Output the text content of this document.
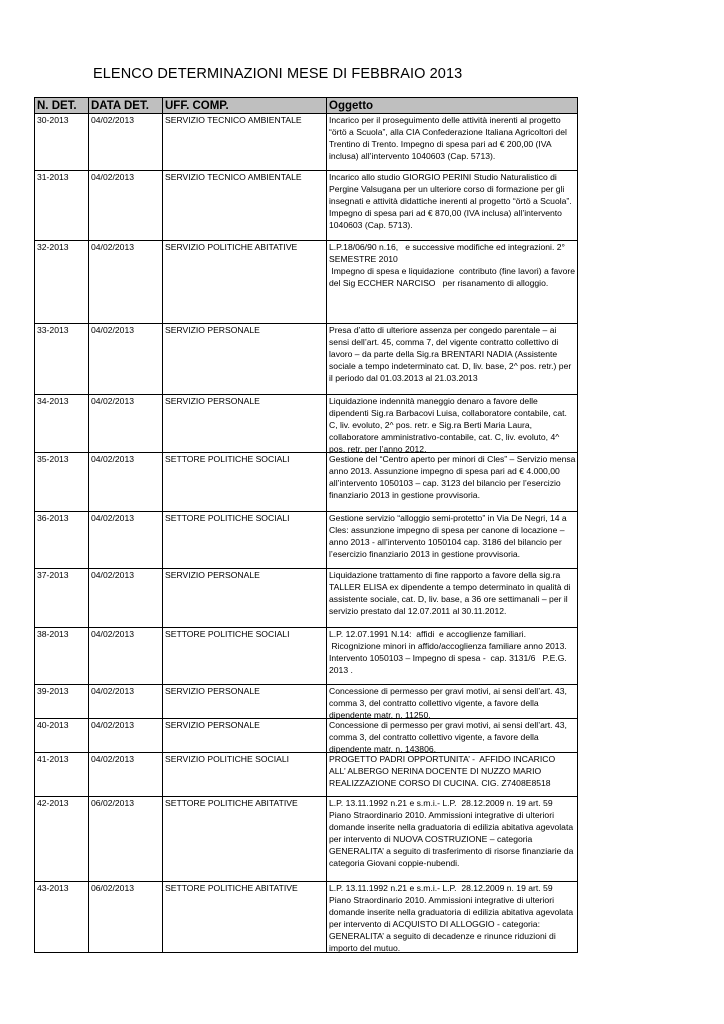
ELENCO DETERMINAZIONI MESE DI FEBBRAIO 2013
N. DET.	DATA DET.	UFF. COMP.	Oggetto

30-2013	04/02/2013	SERVIZIO TECNICO AMBIENTALE	Incarico per il proseguimento delle attività inerenti al progetto “örtö a Scuola”, alla CIA Confederazione Italiana Agricoltori del Trentino di Trento. Impegno di spesa pari ad € 200,00 (IVA inclusa) all’intervento 1040603 (Cap. 5713).

31-2013	04/02/2013	SERVIZIO TECNICO AMBIENTALE	Incarico allo studio GIORGIO PERINI Studio Naturalistico di Pergine Valsugana per un ulteriore corso di formazione per gli insegnati e attività didattiche inerenti al progetto “örtö a Scuola”. Impegno di spesa pari ad € 870,00 (IVA inclusa) all’intervento 1040603 (Cap. 5713).

32-2013	04/02/2013	SERVIZIO POLITICHE ABITATIVE	L.P.18/06/90 n.16,   e successive modifiche ed integrazioni. 2° SEMESTRE 2010
Impegno di spesa e liquidazione  contributo (fine lavori) a favore del Sig ECCHER NARCISO   per risanamento di alloggio.

33-2013	04/02/2013	SERVIZIO PERSONALE	Presa d’atto di ulteriore assenza per congedo parentale – ai sensi dell’art. 45, comma 7, del vigente contratto collettivo di lavoro – da parte della Sig.ra BRENTARI NADIA (Assistente sociale a tempo indeterminato cat. D, liv. base, 2^ pos. retr.) per il periodo dal 01.03.2013 al 21.03.2013

34-2013	04/02/2013	SERVIZIO PERSONALE	Liquidazione indennità maneggio denaro a favore delle dipendenti Sig.ra Barbacovi Luisa, collaboratore contabile, cat. C, liv. evoluto, 2^ pos. retr. e Sig.ra Berti Maria Laura, collaboratore amministrativo-contabile, cat. C, liv. evoluto, 4^ pos. retr. per l’anno 2012.

35-2013	04/02/2013	SETTORE POLITICHE SOCIALI	Gestione del “Centro aperto per minori di Cles” – Servizio mensa anno 2013. Assunzione impegno di spesa pari ad € 4.000,00 all’intervento 1050103 – cap. 3123 del bilancio per l’esercizio finanziario 2013 in gestione provvisoria.

36-2013	04/02/2013	SETTORE POLITICHE SOCIALI	Gestione servizio “alloggio semi-protetto” in Via De Negri, 14 a Cles: assunzione impegno di spesa per canone di locazione – anno 2013 - all’intervento 1050104 cap. 3186 del bilancio per l’esercizio finanziario 2013 in gestione provvisoria.

37-2013	04/02/2013	SERVIZIO PERSONALE	Liquidazione trattamento di fine rapporto a favore della sig.ra TALLER ELISA ex dipendente a tempo determinato in qualità di assistente sociale, cat. D, liv. base, a 36 ore settimanali – per il servizio prestato dal 12.07.2011 al 30.11.2012.

38-2013	04/02/2013	SETTORE POLITICHE SOCIALI	L.P. 12.07.1991 N.14:  affidi  e accoglienze familiari.
Ricognizione minori in affido/accoglienza familiare anno 2013. Intervento 1050103 – Impegno di spesa -  cap. 3131/6   P.E.G. 2013 .

39-2013	04/02/2013	SERVIZIO PERSONALE	Concessione di permesso per gravi motivi, ai sensi dell’art. 43, comma 3, del contratto collettivo vigente, a favore della dipendente matr. n. 11250.

40-2013	04/02/2013	SERVIZIO PERSONALE	Concessione di permesso per gravi motivi, ai sensi dell’art. 43, comma 3, del contratto collettivo vigente, a favore della dipendente matr. n. 143806.

41-2013	04/02/2013	SERVIZIO POLITICHE SOCIALI	PROGETTO PADRI OPPORTUNITA’ -  AFFIDO INCARICO   ALL’ ALBERGO NERINA DOCENTE DI NUZZO MARIO REALIZZAZIONE CORSO DI CUCINA. CIG. Z7408E8518

42-2013	06/02/2013	SETTORE POLITICHE ABITATIVE	L.P. 13.11.1992 n.21 e s.m.i.- L.P.  28.12.2009 n. 19 art. 59 Piano Straordinario 2010. Ammissioni integrative di ulteriori domande inserite nella graduatoria di edilizia abitativa agevolata per intervento di NUOVA COSTRUZIONE – categoria GENERALITA’ a seguito di trasferimento di risorse finanziarie da categoria Giovani coppie-nubendi.

43-2013	06/02/2013	SETTORE POLITICHE ABITATIVE	L.P. 13.11.1992 n.21 e s.m.i.- L.P.  28.12.2009 n. 19 art. 59 Piano Straordinario 2010. Ammissioni integrative di ulteriori domande inserite nella graduatoria di edilizia abitativa agevolata per intervento di ACQUISTO DI ALLOGGIO - categoria: GENERALITA’ a seguito di decadenze e rinunce riduzioni di importo del mutuo.
